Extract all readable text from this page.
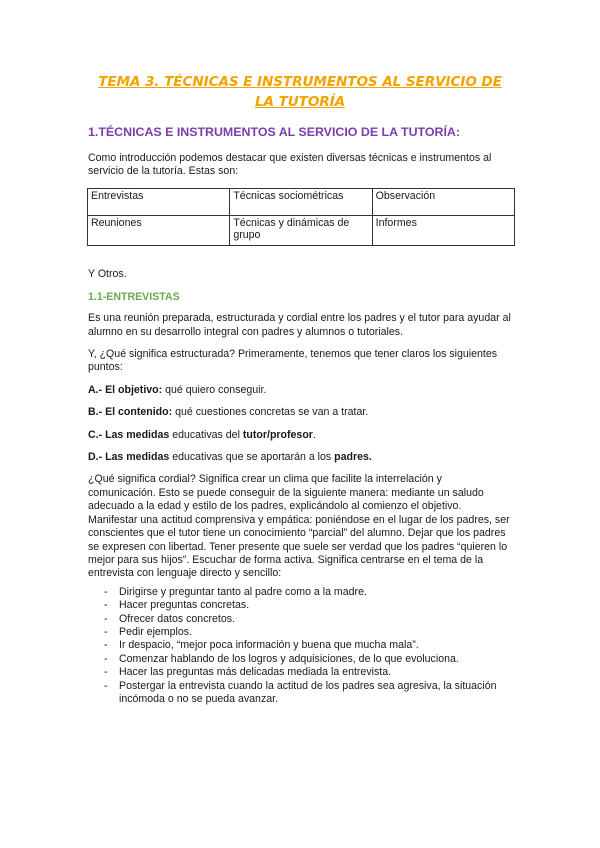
TEMA 3. TÉCNICAS E INSTRUMENTOS AL SERVICIO DE LA TUTORÍA
1.TÉCNICAS E INSTRUMENTOS AL SERVICIO DE LA TUTORÍA:

Como introducción podemos destacar que existen diversas técnicas e instrumentos al servicio de la tutoría. Estas son:

Entrevistas	Técnicas sociométricas	Observación
Reuniones	Técnicas y dinámicas de grupo	Informes

Y Otros.

1.1-ENTREVISTAS

Es una reunión preparada, estructurada y cordial entre los padres y el tutor para ayudar al alumno en su desarrollo integral con padres y alumnos o tutoriales.

Y, ¿Qué significa estructurada? Primeramente, tenemos que tener claros los siguientes puntos:

A.- El objetivo: qué quiero conseguir.

B.- El contenido: qué cuestiones concretas se van a tratar.

C.- Las medidas educativas del tutor/profesor.

D.- Las medidas educativas que se aportarán a los padres.

¿Qué significa cordial? Significa crear un clima que facilite la interrelación y comunicación. Esto se puede conseguir de la siguiente manera: mediante un saludo adecuado a la edad y estilo de los padres, explicándolo al comienzo el objetivo. Manifestar una actitud comprensiva y empática: poniéndose en el lugar de los padres, ser conscientes que el tutor tiene un conocimiento “parcial” del alumno. Dejar que los padres se expresen con libertad. Tener presente que suele ser verdad que los padres “quieren lo mejor para sus hijos”. Escuchar de forma activa. Significa centrarse en el tema de la entrevista con lenguaje directo y sencillo:

- Dirigirse y preguntar tanto al padre como a la madre.
- Hacer preguntas concretas.
- Ofrecer datos concretos.
- Pedir ejemplos.
- Ir despacio, “mejor poca información y buena que mucha mala”.
- Comenzar hablando de los logros y adquisiciones, de lo que evoluciona.
- Hacer las preguntas más delicadas mediada la entrevista.
- Postergar la entrevista cuando la actitud de los padres sea agresiva, la situación incómoda o no se pueda avanzar.
